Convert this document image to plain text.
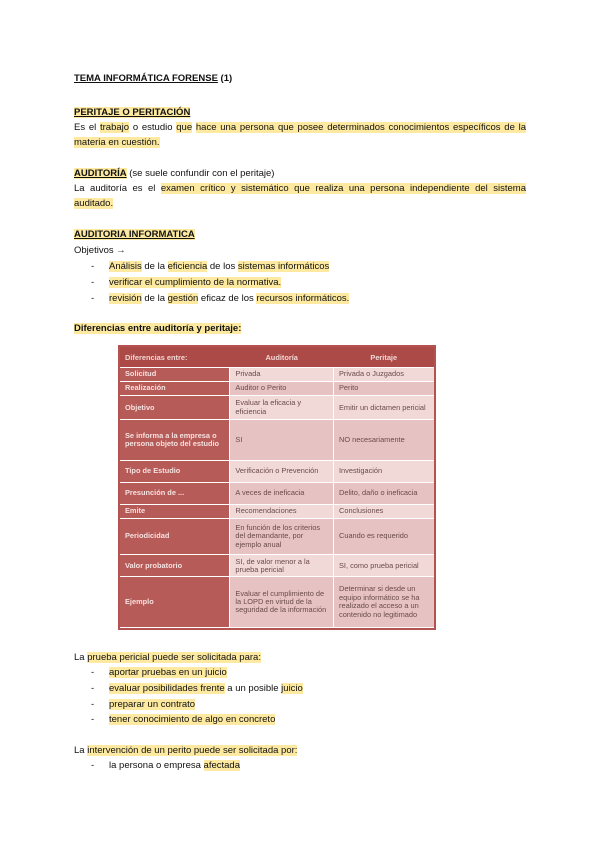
TEMA INFORMÁTICA FORENSE (1)
PERITAJE O PERITACIÓN
Es el trabajo o estudio que hace una persona que posee determinados conocimientos específicos de la materia en cuestión.
AUDITORÍA (se suele confundir con el peritaje)
La auditoría es el examen crítico y sistemático que realiza una persona independiente del sistema auditado.
AUDITORIA INFORMATICA
Objetivos →
- Análisis de la eficiencia de los sistemas informáticos
- verificar el cumplimiento de la normativa.
- revisión de la gestión eficaz de los recursos informáticos.
Diferencias entre auditoría y peritaje:
Diferencias entre:	Auditoría	Peritaje
Solicitud	Privada	Privada o Juzgados
Realización	Auditor o Perito	Perito
Objetivo	Evaluar la eficacia y eficiencia	Emitir un dictamen pericial
Se informa a la empresa o persona objeto del estudio	SI	NO necesariamente
Tipo de Estudio	Verificación o Prevención	Investigación
Presunción de ...	A veces de ineficacia	Delito, daño o ineficacia
Emite	Recomendaciones	Conclusiones
Periodicidad	En función de los criterios del demandante, por ejemplo anual	Cuando es requerido
Valor probatorio	SI, de valor menor a la prueba pericial	SI, como prueba pericial
Ejemplo	Evaluar el cumplimiento de la LOPD en virtud de la seguridad de la información	Determinar si desde un equipo informático se ha realizado el acceso a un contenido no legitimado
La prueba pericial puede ser solicitada para:
- aportar pruebas en un juicio
- evaluar posibilidades frente a un posible juicio
- preparar un contrato
- tener conocimiento de algo en concreto
La intervención de un perito puede ser solicitada por:
- la persona o empresa afectada
